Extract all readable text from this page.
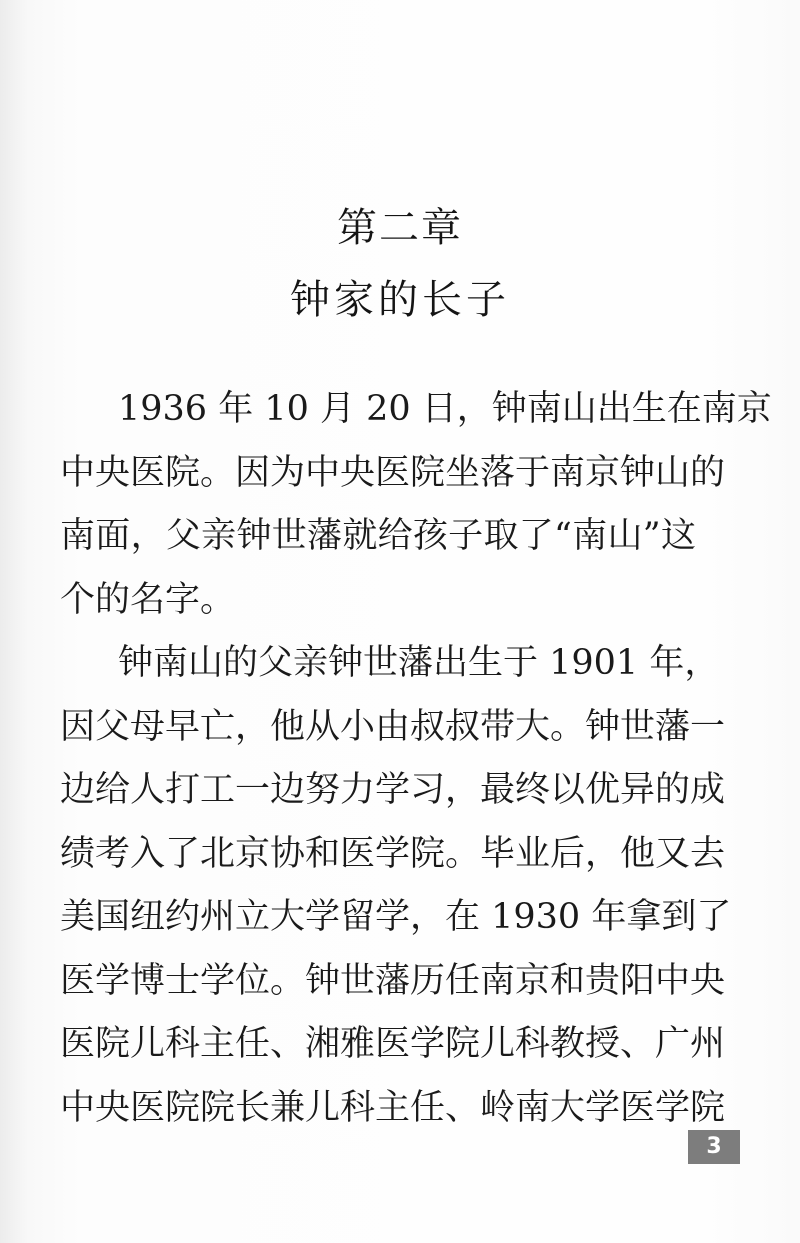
第二章
钟家的长子
1936 年 10 月 20 日，钟南山出生在南京
中央医院。因为中央医院坐落于南京钟山的
南面，父亲钟世藩就给孩子取了“南山”这
个的名字。
钟南山的父亲钟世藩出生于 1901 年，
因父母早亡，他从小由叔叔带大。钟世藩一
边给人打工一边努力学习，最终以优异的成
绩考入了北京协和医学院。毕业后，他又去
美国纽约州立大学留学，在 1930 年拿到了
医学博士学位。钟世藩历任南京和贵阳中央
医院儿科主任、湘雅医学院儿科教授、广州
中央医院院长兼儿科主任、岭南大学医学院
3
